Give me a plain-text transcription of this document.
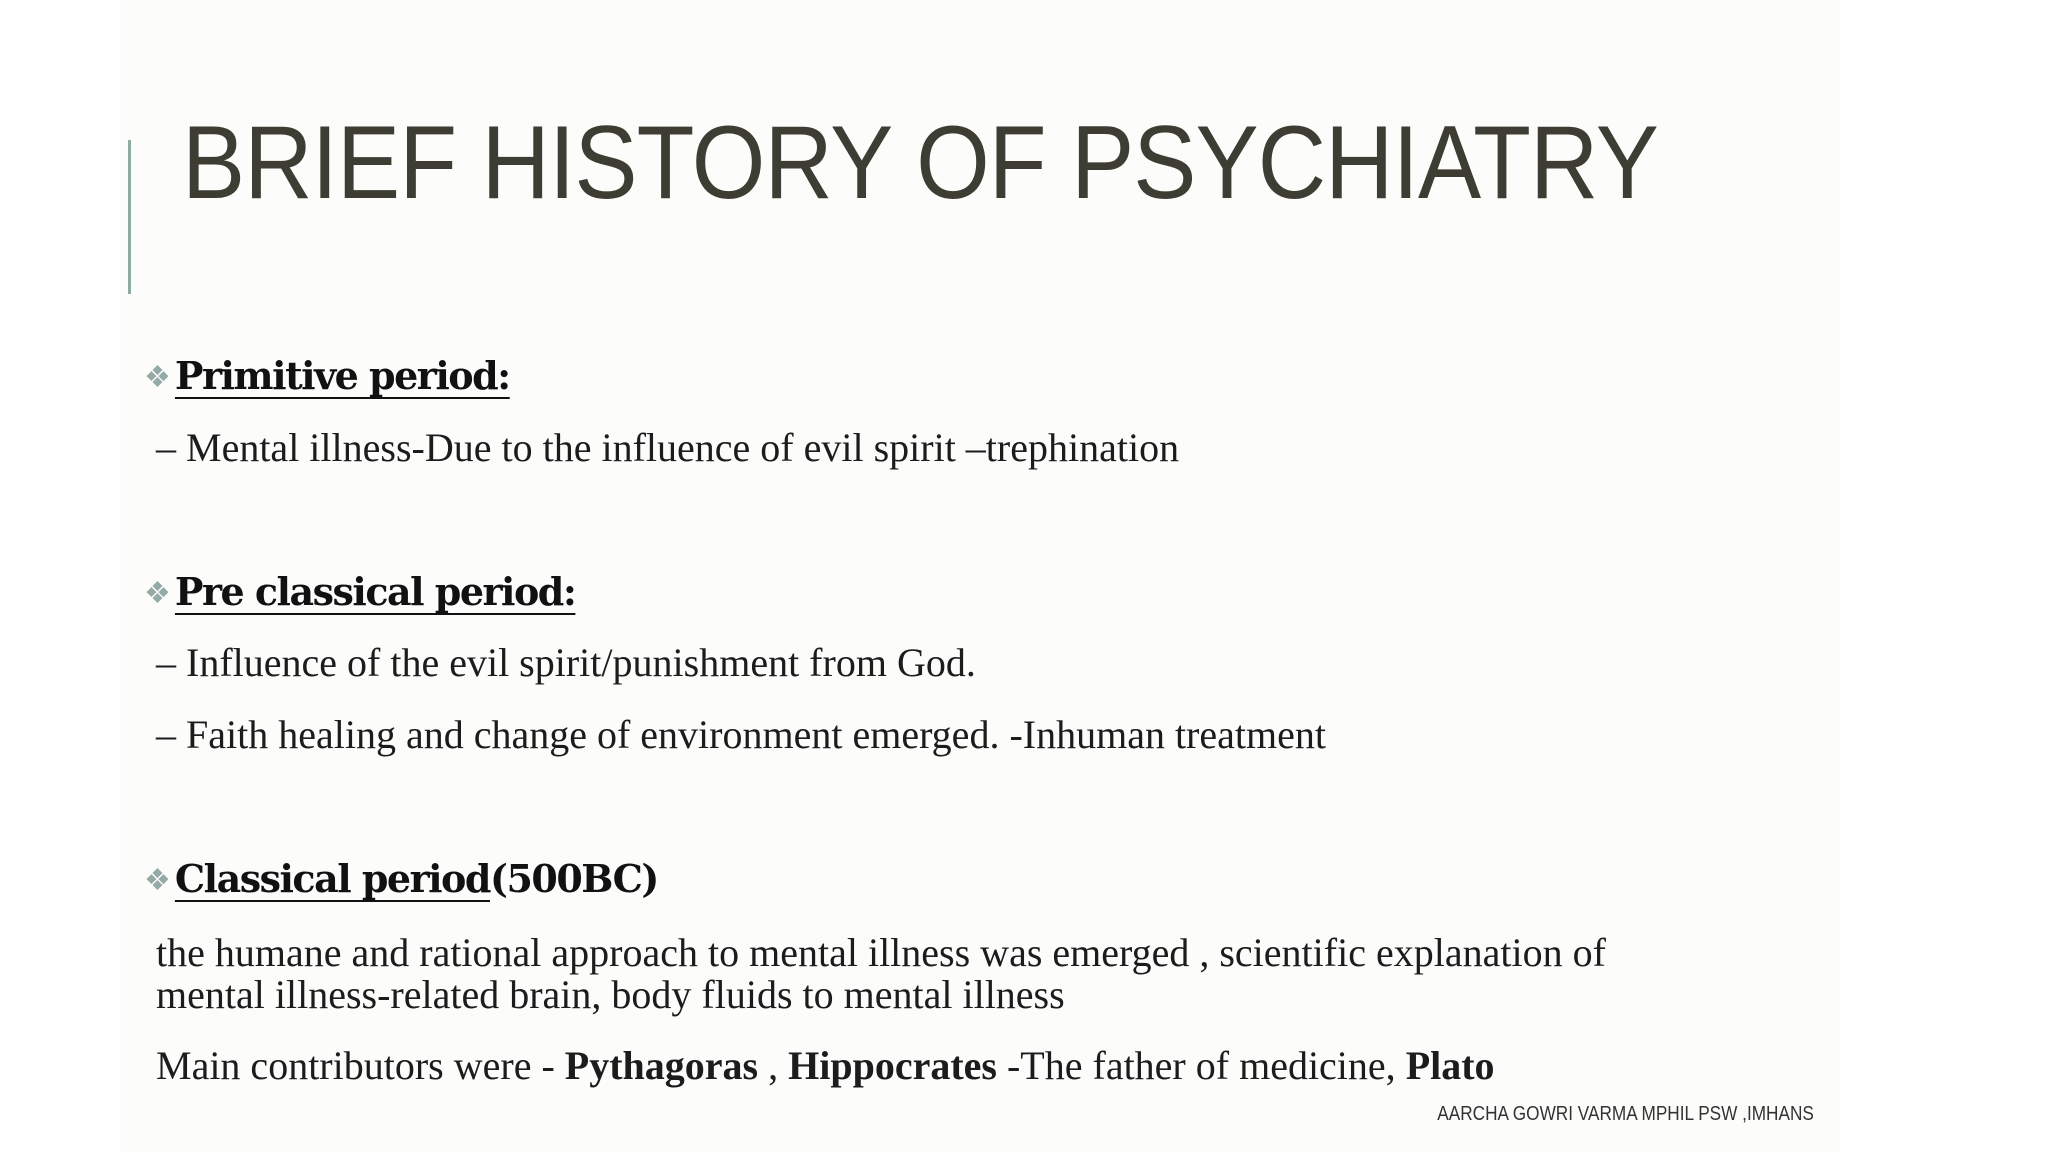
BRIEF HISTORY OF PSYCHIATRY
❖ Primitive period:
– Mental illness-Due to the influence of evil spirit –trephination
❖ Pre classical period:
– Influence of the evil spirit/punishment from God.
– Faith healing and change of environment emerged. -Inhuman treatment
❖ Classical period(500BC)
the humane and rational approach to mental illness was emerged , scientific explanation of
mental illness-related brain, body fluids to mental illness
Main contributors were - Pythagoras , Hippocrates -The father of medicine, Plato
AARCHA GOWRI VARMA MPHIL PSW ,IMHANS
